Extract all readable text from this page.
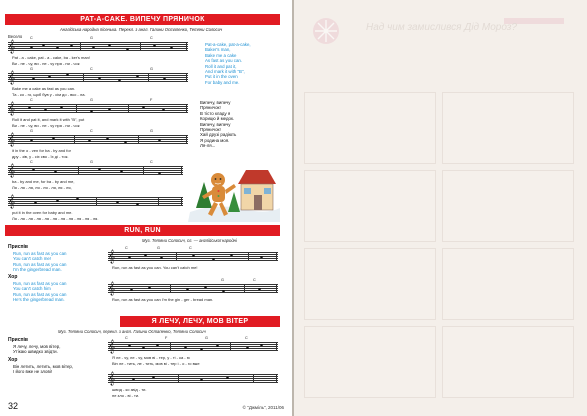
PAT-A-CAKE. ВИПЕЧУ ПРЯНИЧОК
Англійська народна пісенька. Перекл. з англ. Галини Остапенко, Тетяни Солосич
Весело
𝄞
Pat - a - cake, pat - a - cake, ba - ker's man!
Ви - пе - чу, ви - пе - чу пря - ни - чок
𝄞
Bake me a cake as fast as you can.
Та - ко - го, щоб був у - сім до - вко - ла.
𝄞
Roll it and pat it, and mark it with "B", put
Ви - пе - чу, ви - пе - чу пря - ни - чок
𝄞
it in the o - ven for ba - by and for
дру - зів, у - сіх сво - їх ді - ток.
𝄞
ba - by and me, for ba - by and me,
Ля - ля - ля, ля - ля - ля, ля - ля,
𝄞
put it in the oven for baby and me.
Ля - ля - ля - ля - ля - ля - ля - ля - ля - ля - ля.
Pat-a-cake, pat-a-cake,
Baker's man,
Bake me a cake
As fast as you can.
Roll it and pat it,
And mark it with "B",
Put it in the oven
For baby and me.
Випечу, випечу
Пряничок!
В тісто кладу я
Корицю й медок.
Випечу, випечу
Пряничок!
Хай друзі радіють
Я родина моя.
Ля-ля...
RUN, RUN
Муз. Тетяни Солосич, сл. — англійської народні
Приспів
Run, run as fast as you can
You can't catch me!
Run, run as fast as you can
I'm the gingerbread man.
Хор
Run, run as fast as you can
You can't catch him
Run, run as fast as you can
He's the gingerbread man.
𝄞
Run, run as fast as you can. You can't catch me!
𝄞
Run, run as fast as you can I'm the gin - ger - bread man.
Я ЛЕЧУ, ЛЕЧУ, МОВ ВІТЕР
Муз. Тетяни Солосич, перекл. з англ. Галини Остапенко, Тетяни Солосич
Приспів
Я лечу, лечу, мов вітер,
Утікаю швидко звідти.
Хор
Він летить, летить, мов вітер,
І його вже не злові!
𝄞
Я ле - чу, ле - чу, мов ві - тер, у - ті - ка - ю
Він ле - тить, ле - тить, мов ві - тер і - о - го вже
𝄞
швид - ко звід - ти.
не зло - ві - ти.
32	© "Джміль", 2011/06
C	G	C
G	C	G
C	G	F
G	C	G
C	G	C
C	G	C
G	C
C	F	G	C
Над чим замислився Дід Мороз?
